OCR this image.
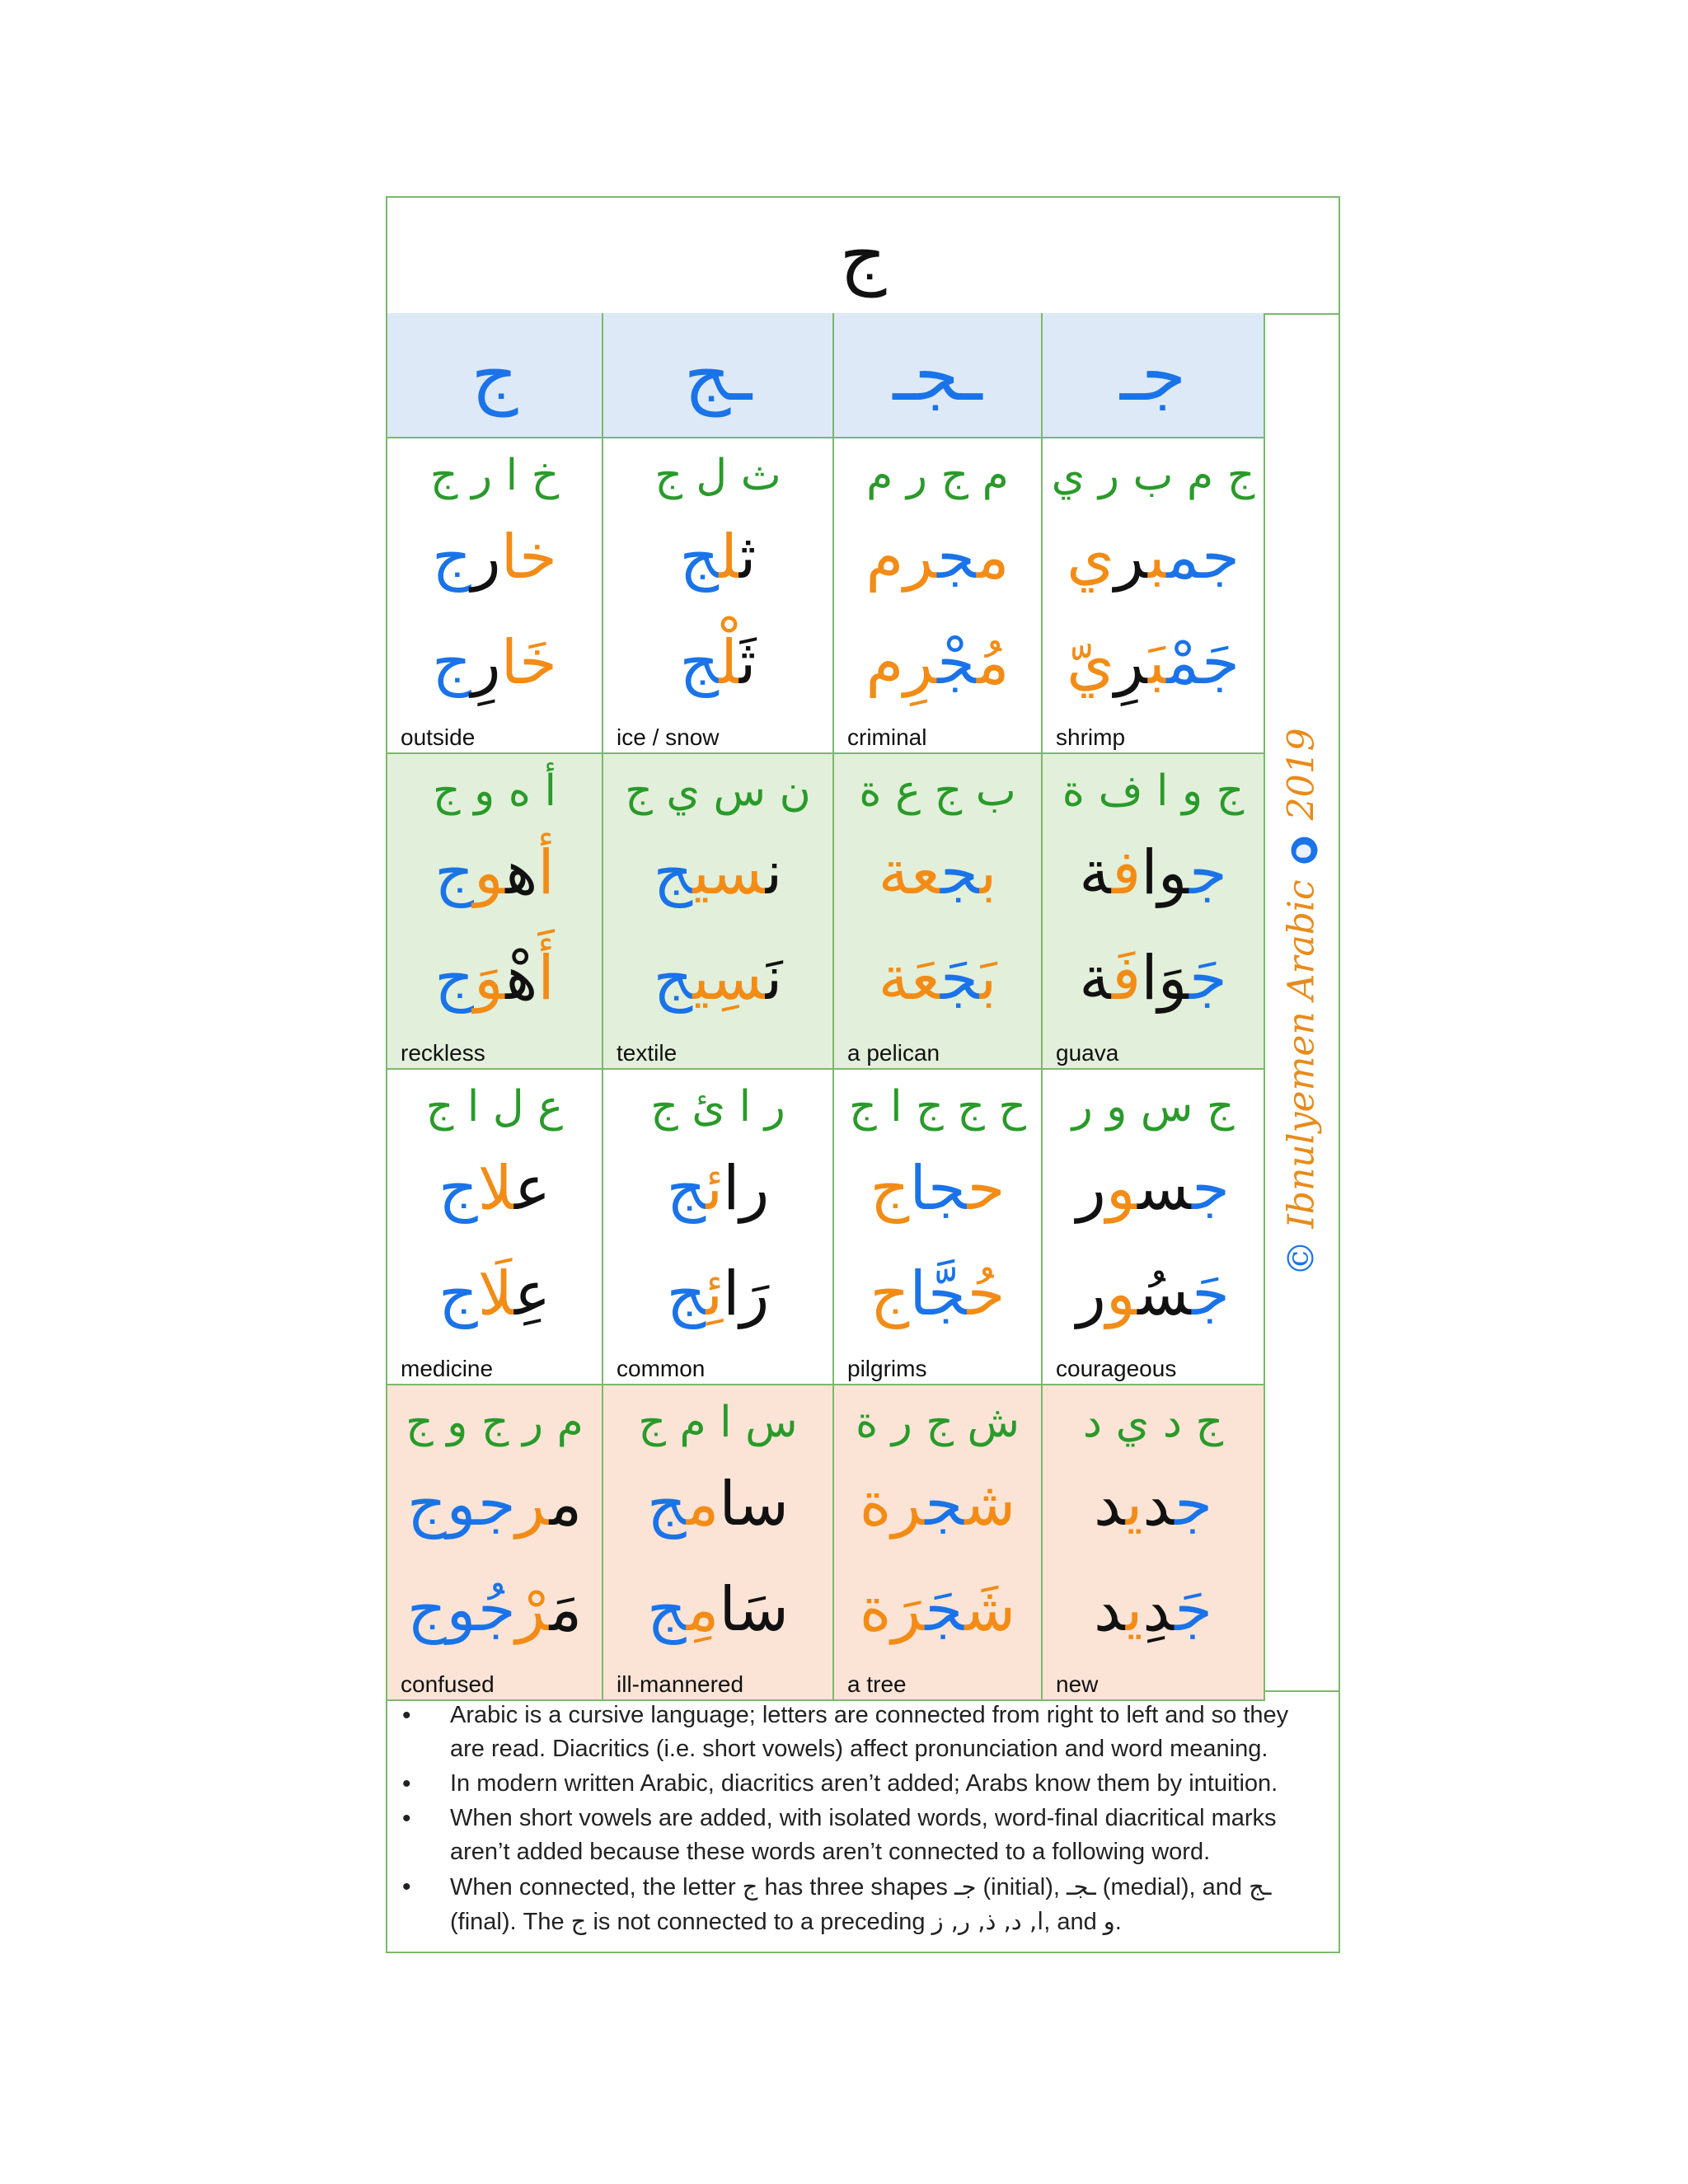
ج
ج ـج ـجـ جـ
خ ا ر ج
خارج
خَارِج
outside
ث ل ج
ثلج
ثَلْج
ice / snow
م ج ر م
مجرم
مُجْرِم
criminal
ج م ب ر ي
جمبري
جَمْبَرِيّ
shrimp
أ ه و ج
أهوج
أَهْوَج
reckless
ن س ي ج
نسيج
نَسِيج
textile
ب ج ع ة
بجعة
بَجَعَة
a pelican
ج و ا ف ة
جوافة
جَوَافَة
guava
ع ل ا ج
علاج
عِلَاج
medicine
ر ا ئ ج
رائج
رَائِج
common
ح ج ج ا ج
حجاج
حُجَّاج
pilgrims
ج س و ر
جسور
جَسُور
courageous
م ر ج و ج
مرجوج
مَرْجُوج
confused
س ا م ج
سامج
سَامِج
ill-mannered
ش ج ر ة
شجرة
شَجَرَة
a tree
ج د ي د
جديد
جَدِيد
new
© Ibnulyemen Arabic  2019
• Arabic is a cursive language; letters are connected from right to left and so they are read. Diacritics (i.e. short vowels) affect pronunciation and word meaning.
• In modern written Arabic, diacritics aren’t added; Arabs know them by intuition.
• When short vowels are added, with isolated words, word-final diacritical marks aren’t added because these words aren’t connected to a following word.
• When connected, the letter ج has three shapes جـ (initial), ـجـ (medial), and ـج (final). The ج is not connected to a preceding ا, د, ذ, ر, ز, and و.
